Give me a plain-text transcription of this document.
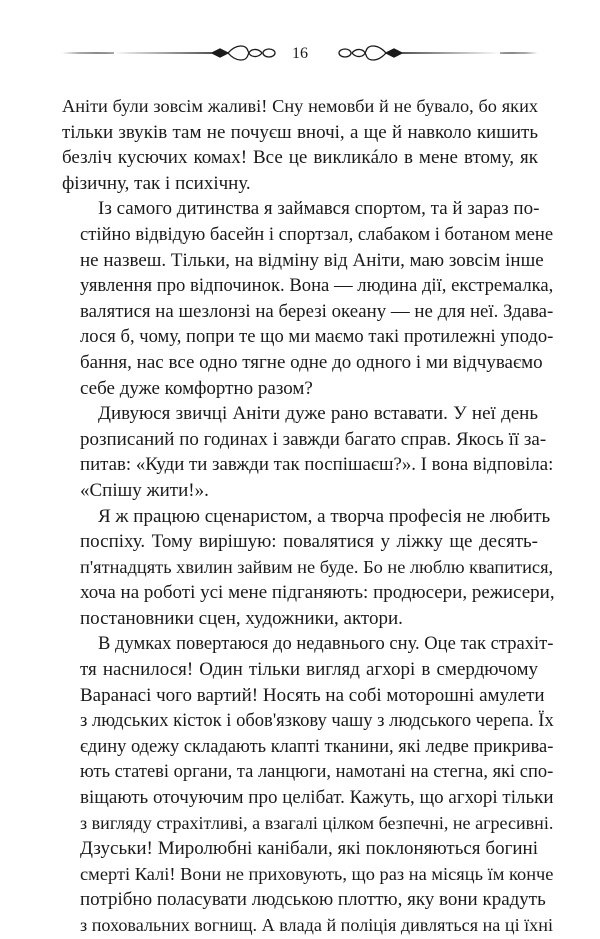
16

Аніти були зовсім жаливі! Сну немовби й не бувало, бо яких
тільки звуків там не почуєш вночі, а ще й навколо кишить
безліч кусючих комах! Все це викликáло в мене втому, як
фізичну, так і психічну.

Із самого дитинства я займався спортом, та й зараз по-
стійно відвідую басейн і спортзал, слабаком і ботаном мене
не назвеш. Тільки, на відміну від Аніти, маю зовсім інше
уявлення про відпочинок. Вона — людина дії, екстремалка,
валятися на шезлонзі на березі океану — не для неї. Здава-
лося б, чому, попри те що ми маємо такі протилежні уподо-
бання, нас все одно тягне одне до одного і ми відчуваємо
себе дуже комфортно разом?

Дивуюся звичці Аніти дуже рано вставати. У неї день
розписаний по годинах і завжди багато справ. Якось її за-
питав: «Куди ти завжди так поспішаєш?». І вона відповіла:
«Спішу жити!».

Я ж працюю сценаристом, а творча професія не любить
поспіху. Тому вирішую: повалятися у ліжку ще десять-
п'ятнадцять хвилин зайвим не буде. Бо не люблю квапитися,
хоча на роботі усі мене підганяють: продюсери, режисери,
постановники сцен, художники, актори.

В думках повертаюся до недавнього сну. Оце так страхіт-
тя наснилося! Один тільки вигляд агхорі в смердючому
Варанасі чого вартий! Носять на собі моторошні амулети
з людських кісток і обов'язкову чашу з людського черепа. Їх
єдину одежу складають клапті тканини, які ледве прикрива-
ють статеві органи, та ланцюги, намотані на стегна, які спо-
віщають оточуючим про целібат. Кажуть, що агхорі тільки
з вигляду страхітливі, а взагалі цілком безпечні, не агресивні.
Дзуськи! Миролюбні канібали, які поклоняються богині
смерті Калі! Вони не приховують, що раз на місяць їм конче
потрібно поласувати людською плоттю, яку вони крадуть
з поховальних вогнищ. А влада й поліція дивляться на ці їхні
